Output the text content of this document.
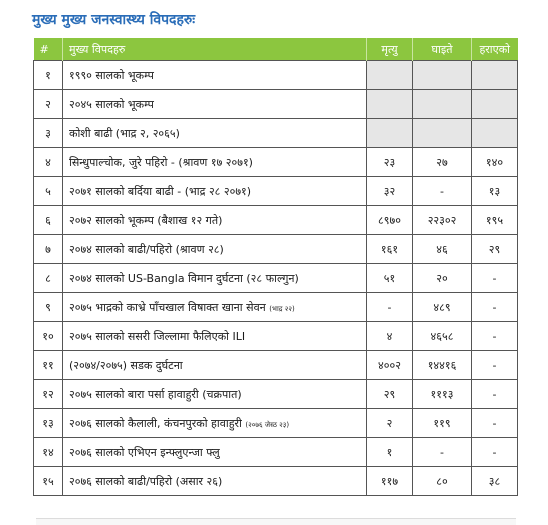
मुख्य मुख्य जनस्वास्थ्य विपदहरुः
#	मुख्य विपदहरु	मृत्यु	घाइते	हराएको
१	१९९० सालको भूकम्प			
२	२०४५ सालको भूकम्प			
३	कोशी बाढी (भाद्र २, २०६५)			
४	सिन्धुपाल्चोक, जुरे पहिरो - (श्रावण १७ २०७१)	२३	२७	१४०
५	२०७१ सालको बर्दिया बाढी - (भाद्र २८ २०७१)	३२	-	१३
६	२०७२ सालको भूकम्प (बैशाख १२ गते)	८९७०	२२३०२	१९५
७	२०७४ सालको बाढी/पहिरो (श्रावण २८)	१६१	४६	२९
८	२०७४ सालको US-Bangla विमान दुर्घटना (२८ फाल्गुन)	५१	२०	-
९	२०७५ भाद्रको काभ्रे पाँचखाल विषाक्त खाना सेवन (भाद्र २२)	-	४८९	-
१०	२०७५ सालको ससरी जिल्लामा फैलिएको ILI	४	४६५८	-
११	(२०७४/२०७५) सडक दुर्घटना	४००२	१४४१६	-
१२	२०७५ सालको बारा पर्सा हावाहुरी (चक्रपात)	२९	१११३	-
१३	२०७६ सालको कैलाली, कंचनपुरको हावाहुरी (२०७६ जेस्ठ २३)	२	११९	-
१४	२०७६ सालको एभिएन इन्फ्लुएन्जा फ्लु	१	-	-
१५	२०७६ सालको बाढी/पहिरो (असार २६)	११७	८०	३८
